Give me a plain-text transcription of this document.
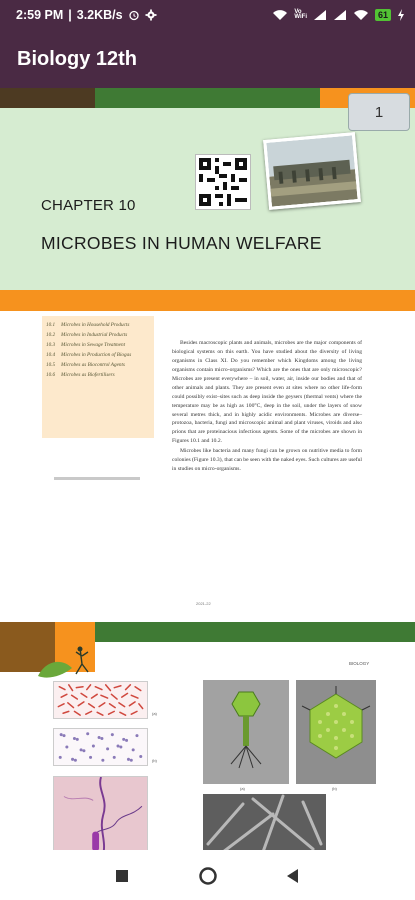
2:59 PM | 3.2KB/s	Vo
WiFi	61
Biology 12th
1
CHAPTER 10
MICROBES IN HUMAN WELFARE
10.1	Microbes in Household Products
10.2	Microbes in Industrial Products
10.3	Microbes in Sewage Treatment
10.4	Microbes in Production of Biogas
10.5	Microbes as Biocontrol Agents
10.6	Microbes as Biofertilisers

Besides macroscopic plants and animals, microbes are the major components of biological systems on this earth. You have studied about the diversity of living organisms in Class XI. Do you remember which Kingdoms among the living organisms contain micro-organisms? Which are the ones that are only microscopic? Microbes are present everywhere – in soil, water, air, inside our bodies and that of other animals and plants. They are present even at sites where no other life-form could possibly exist–sites such as deep inside the geysers (thermal vents) where the temperature may be as high as 100°C, deep in the soil, under the layers of snow several metres thick, and in highly acidic environments. Microbes are diverse–protozoa, bacteria, fungi and microscopic animal and plant viruses, viroids and also prions that are proteinacious infectious agents. Some of the microbes are shown in Figures 10.1 and 10.2.

Microbes like bacteria and many fungi can be grown on nutritive media to form colonies (Figure 10.3), that can be seen with the naked eyes. Such cultures are useful in studies on micro-organisms.

2021-22
BIOLOGY
(a)
(b)
(a)	(b)
